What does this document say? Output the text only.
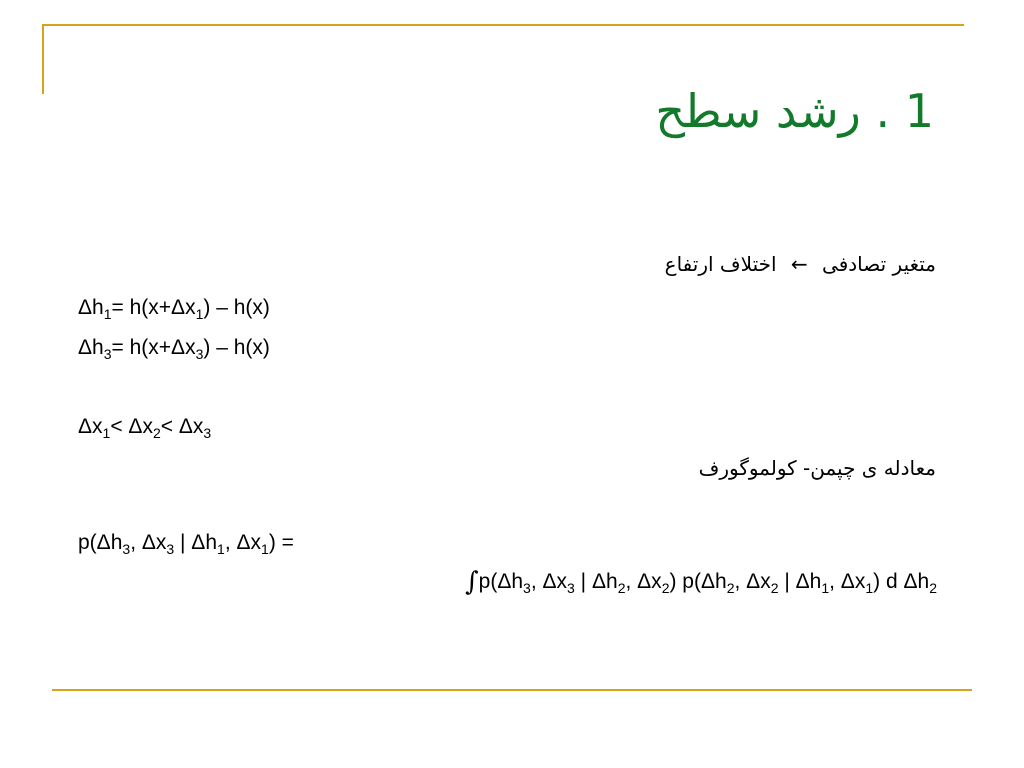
1 . رشد سطح
متغیر تصادفی ← اختلاف ارتفاع
$\Delta h_1= h(x+\Delta x_1) - h(x)$
$\Delta h_3= h(x+\Delta x_3) - h(x)$
$\Delta x_1< \Delta x_2< \Delta x_3$
معادله ی چپمن- کولموگورف
$p(\Delta h_3$, $\Delta x_3$ | $\Delta h_1$, $\Delta x_1$) =
$\int p(\Delta h_3$, $\Delta x_3$ | $\Delta h_2$, $\Delta x_2$) $p(\Delta h_2$, $\Delta x_2$ | $\Delta h_1$, $\Delta x_1$) d $\Delta h_2$
